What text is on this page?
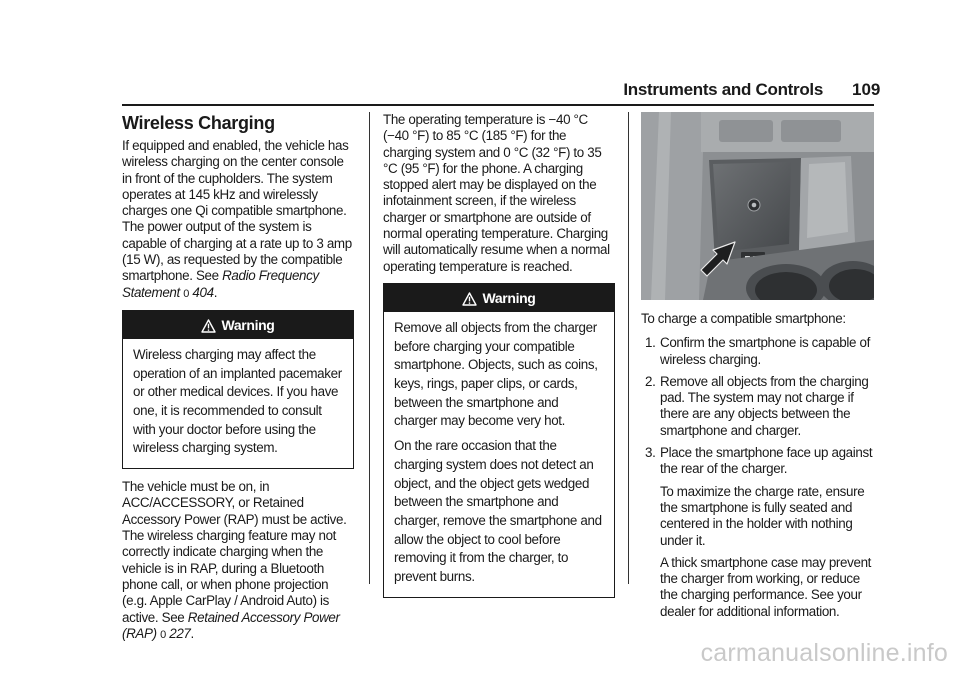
Instruments and Controls 109
Wireless Charging

If equipped and enabled, the vehicle has wireless charging on the center console in front of the cupholders. The system operates at 145 kHz and wirelessly charges one Qi compatible smartphone. The power output of the system is capable of charging at a rate up to 3 amp (15 W), as requested by the compatible smartphone. See Radio Frequency Statement 0 404.

Warning

Wireless charging may affect the operation of an implanted pacemaker or other medical devices. If you have one, it is recommended to consult with your doctor before using the wireless charging system.

The vehicle must be on, in ACC/ACCESSORY, or Retained Accessory Power (RAP) must be active. The wireless charging feature may not correctly indicate charging when the vehicle is in RAP, during a Bluetooth phone call, or when phone projection (e.g. Apple CarPlay / Android Auto) is active. See Retained Accessory Power (RAP) 0 227.

The operating temperature is −40 °C (−40 °F) to 85 °C (185 °F) for the charging system and 0 °C (32 °F) to 35 °C (95 °F) for the phone. A charging stopped alert may be displayed on the infotainment screen, if the wireless charger or smartphone are outside of normal operating temperature. Charging will automatically resume when a normal operating temperature is reached.

Warning

Remove all objects from the charger before charging your compatible smartphone. Objects, such as coins, keys, rings, paper clips, or cards, between the smartphone and charger may become very hot.

On the rare occasion that the charging system does not detect an object, and the object gets wedged between the smartphone and charger, remove the smartphone and allow the object to cool before removing it from the charger, to prevent burns.

To charge a compatible smartphone:

1. Confirm the smartphone is capable of wireless charging.
2. Remove all objects from the charging pad. The system may not charge if there are any objects between the smartphone and charger.
3. Place the smartphone face up against the rear of the charger.

To maximize the charge rate, ensure the smartphone is fully seated and centered in the holder with nothing under it.

A thick smartphone case may prevent the charger from working, or reduce the charging performance. See your dealer for additional information.

carmanualsonline.info
